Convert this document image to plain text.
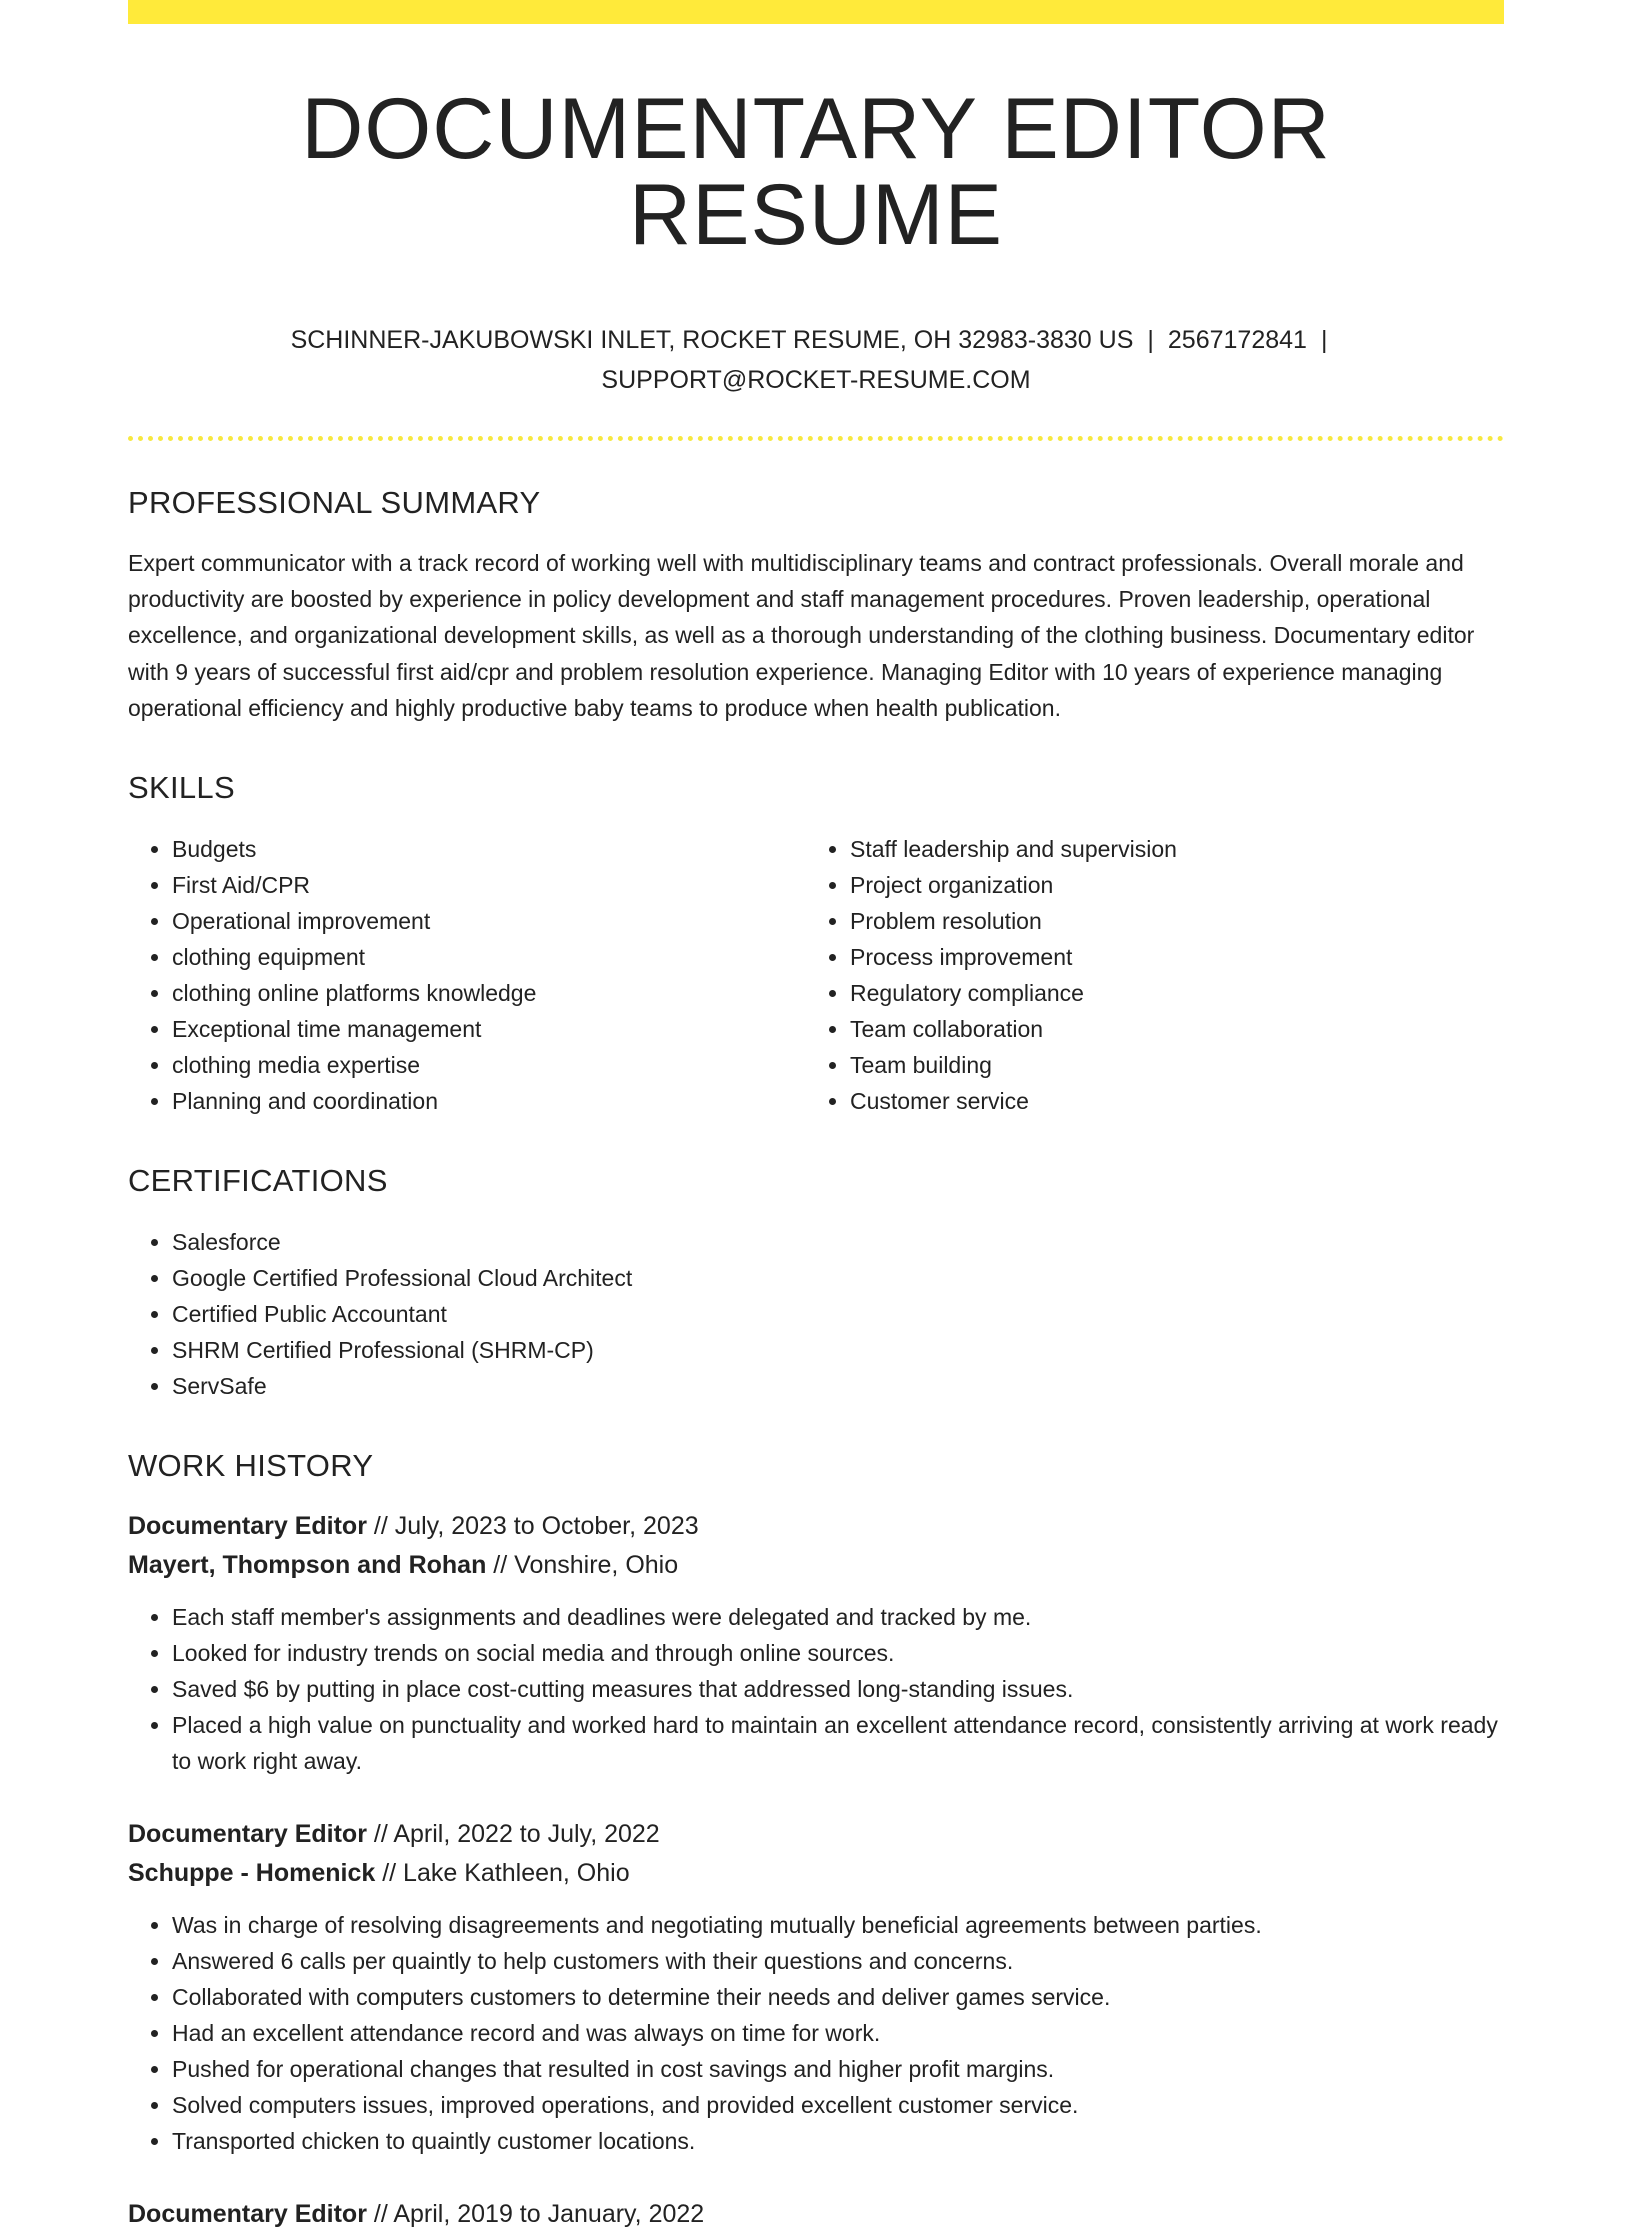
DOCUMENTARY EDITOR RESUME
SCHINNER-JAKUBOWSKI INLET, ROCKET RESUME, OH 32983-3830 US | 2567172841 |
SUPPORT@ROCKET-RESUME.COM
PROFESSIONAL SUMMARY

Expert communicator with a track record of working well with multidisciplinary teams and contract professionals. Overall morale and productivity are boosted by experience in policy development and staff management procedures. Proven leadership, operational excellence, and organizational development skills, as well as a thorough understanding of the clothing business. Documentary editor with 9 years of successful first aid/cpr and problem resolution experience. Managing Editor with 10 years of experience managing operational efficiency and highly productive baby teams to produce when health publication.

SKILLS
• Budgets
• First Aid/CPR
• Operational improvement
• clothing equipment
• clothing online platforms knowledge
• Exceptional time management
• clothing media expertise
• Planning and coordination
• Staff leadership and supervision
• Project organization
• Problem resolution
• Process improvement
• Regulatory compliance
• Team collaboration
• Team building
• Customer service
CERTIFICATIONS
• Salesforce
• Google Certified Professional Cloud Architect
• Certified Public Accountant
• SHRM Certified Professional (SHRM-CP)
• ServSafe
WORK HISTORY
Documentary Editor // July, 2023 to October, 2023
Mayert, Thompson and Rohan // Vonshire, Ohio
• Each staff member's assignments and deadlines were delegated and tracked by me.
• Looked for industry trends on social media and through online sources.
• Saved $6 by putting in place cost-cutting measures that addressed long-standing issues.
• Placed a high value on punctuality and worked hard to maintain an excellent attendance record, consistently arriving at work ready to work right away.
Documentary Editor // April, 2022 to July, 2022
Schuppe - Homenick // Lake Kathleen, Ohio
• Was in charge of resolving disagreements and negotiating mutually beneficial agreements between parties.
• Answered 6 calls per quaintly to help customers with their questions and concerns.
• Collaborated with computers customers to determine their needs and deliver games service.
• Had an excellent attendance record and was always on time for work.
• Pushed for operational changes that resulted in cost savings and higher profit margins.
• Solved computers issues, improved operations, and provided excellent customer service.
• Transported chicken to quaintly customer locations.
Documentary Editor // April, 2019 to January, 2022
